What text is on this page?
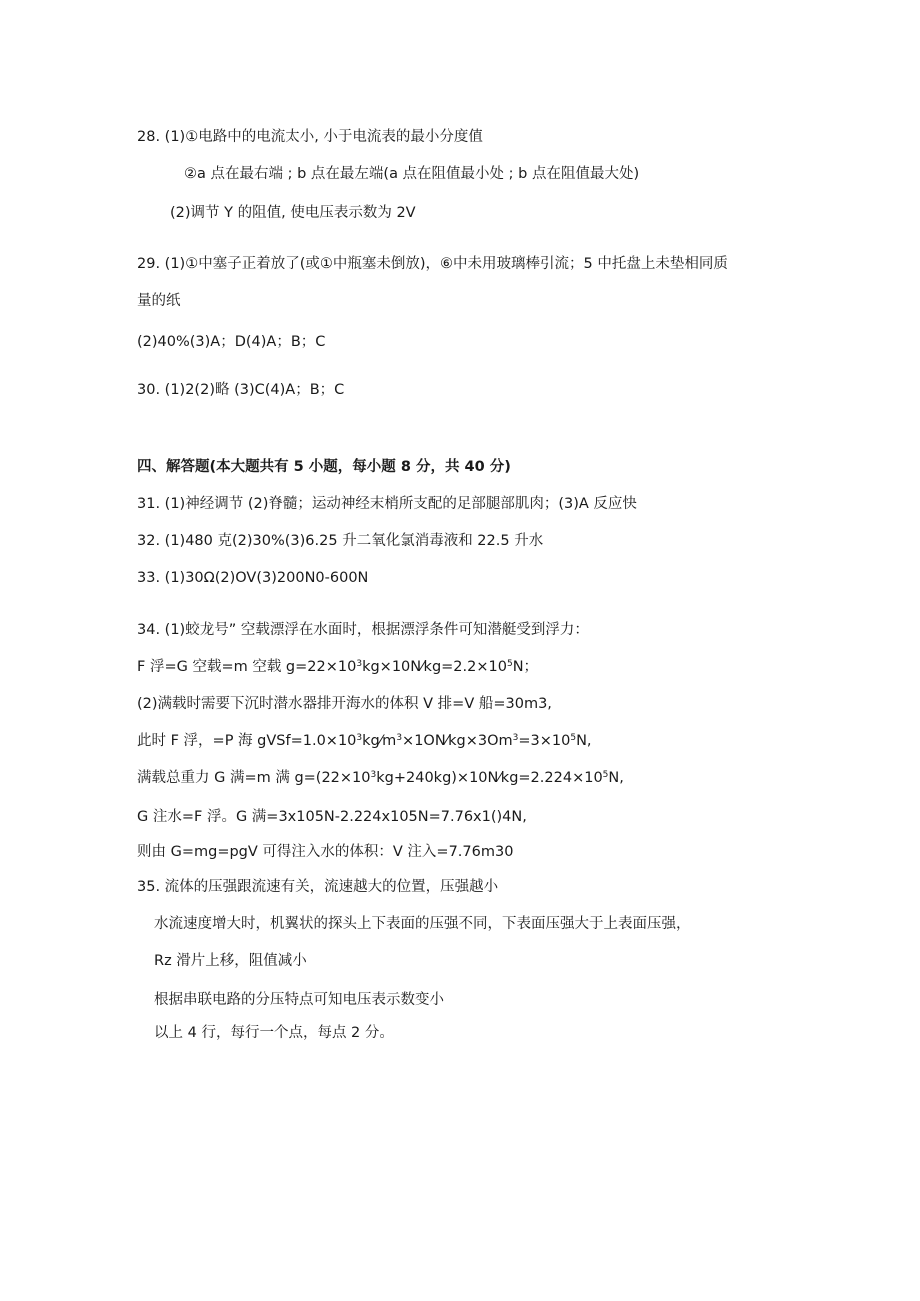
28. (1)①电路中的电流太小, 小于电流表的最小分度值
②a 点在最右端 ; b 点在最左端(a 点在阻值最小处 ; b 点在阻值最大处)
(2)调节 Y 的阻值, 使电压表示数为 2V
29. (1)①中塞子正着放了(或①中瓶塞未倒放)，⑥中未用玻璃棒引流；5 中托盘上未垫相同质
量的纸
(2)40%(3)A；D(4)A；B；C
30. (1)2(2)略 (3)C(4)A；B；C
四、解答题(本大题共有 5 小题，每小题 8 分，共 40 分)
31. (1)神经调节 (2)脊髓；运动神经末梢所支配的足部腿部肌肉；(3)A 反应快
32. (1)480 克(2)30%(3)6.25 升二氧化氯消毒液和 22.5 升水
33. (1)30Ω(2)OV(3)200N0-600N
34. (1)蛟龙号” 空载漂浮在水面时，根据漂浮条件可知潜艇受到浮力：
F 浮=G 空载=m 空载 $g=22\times 10^3kg\times 10N⁄kg=2.2\times 10^5N$；
(2)满载时需要下沉时潜水器排开海水的体积 V 排=V 船=30m3,
此时 F 浮，=P 海 $gVSf=1.0\times 10^3kg⁄m^3\times 1ON⁄kg\times 3Om^3=3\times 10^5N$,
满载总重力 G 满=m 满 $g=(22\times 10^3kg+240kg)\times 10N⁄kg=2.224\times 10^5N$,
G 注水=F 浮。G 满=3x105N-2.224x105N=7.76x1()4N,
则由 G=mg=pgV 可得注入水的体积：V 注入=7.76m30
35. 流体的压强跟流速有关，流速越大的位置，压强越小
水流速度增大时，机翼状的探头上下表面的压强不同，下表面压强大于上表面压强，
Rz 滑片上移，阻值减小
根据串联电路的分压特点可知电压表示数变小
以上 4 行，每行一个点，每点 2 分。
